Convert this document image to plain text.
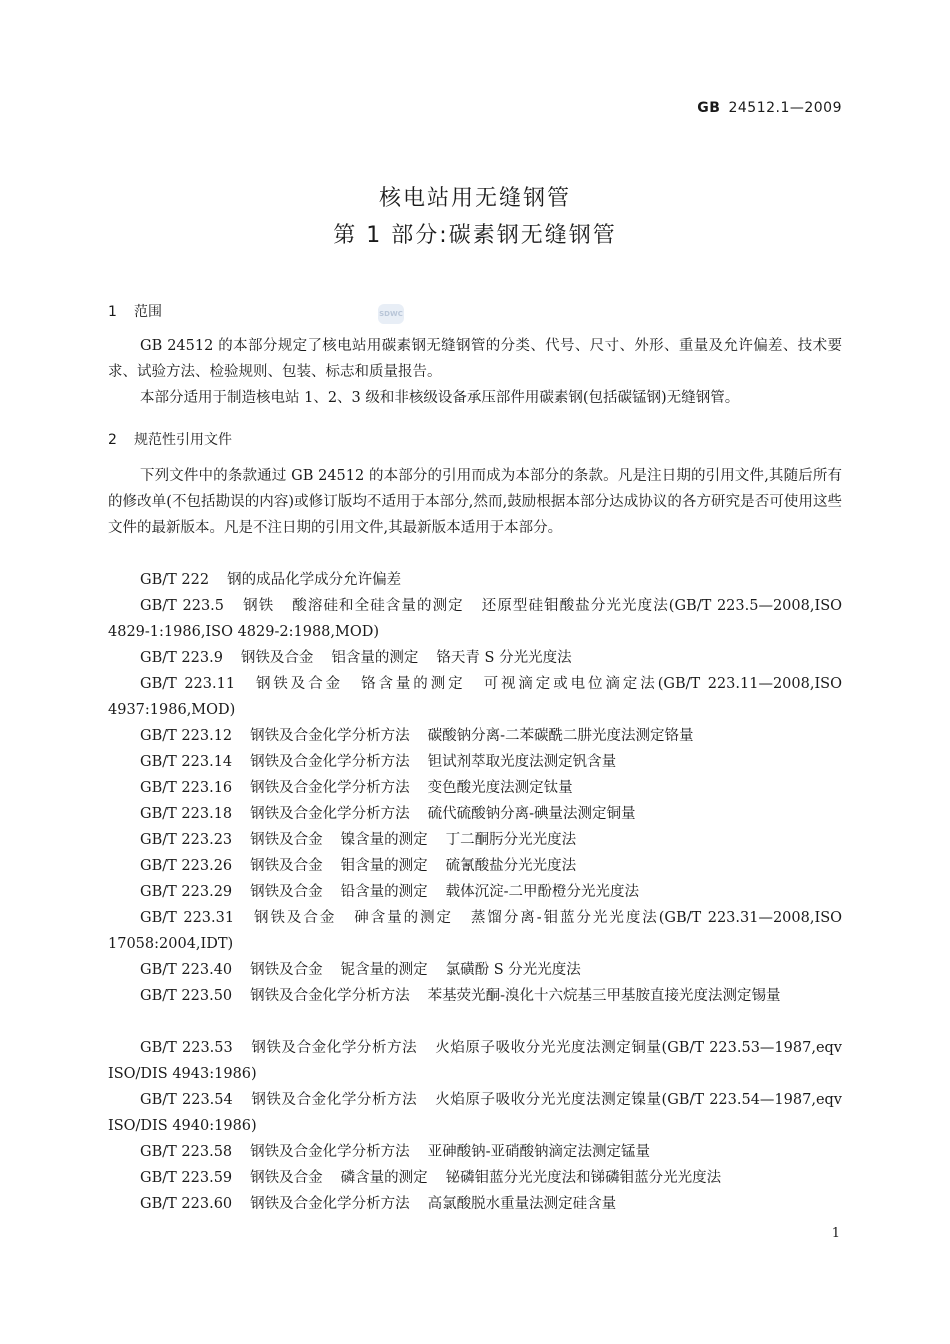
GB 24512.1—2009
核电站用无缝钢管
第 1 部分:碳素钢无缝钢管
SDWC
1 范围
GB 24512 的本部分规定了核电站用碳素钢无缝钢管的分类、代号、尺寸、外形、重量及允许偏差、技术要求、试验方法、检验规则、包装、标志和质量报告。
本部分适用于制造核电站 1、2、3 级和非核级设备承压部件用碳素钢(包括碳锰钢)无缝钢管。
2 规范性引用文件
下列文件中的条款通过 GB 24512 的本部分的引用而成为本部分的条款。凡是注日期的引用文件,其随后所有的修改单(不包括勘误的内容)或修订版均不适用于本部分,然而,鼓励根据本部分达成协议的各方研究是否可使用这些文件的最新版本。凡是不注日期的引用文件,其最新版本适用于本部分。
GB/T 222 钢的成品化学成分允许偏差
GB/T 223.5 钢铁 酸溶硅和全硅含量的测定 还原型硅钼酸盐分光光度法(GB/T 223.5—2008,ISO 4829-1:1986,ISO 4829-2:1988,MOD)
GB/T 223.9 钢铁及合金 铝含量的测定 铬天青 S 分光光度法
GB/T 223.11 钢铁及合金 铬含量的测定 可视滴定或电位滴定法(GB/T 223.11—2008,ISO 4937:1986,MOD)
GB/T 223.12 钢铁及合金化学分析方法 碳酸钠分离-二苯碳酰二肼光度法测定铬量
GB/T 223.14 钢铁及合金化学分析方法 钽试剂萃取光度法测定钒含量
GB/T 223.16 钢铁及合金化学分析方法 变色酸光度法测定钛量
GB/T 223.18 钢铁及合金化学分析方法 硫代硫酸钠分离-碘量法测定铜量
GB/T 223.23 钢铁及合金 镍含量的测定 丁二酮肟分光光度法
GB/T 223.26 钢铁及合金 钼含量的测定 硫氰酸盐分光光度法
GB/T 223.29 钢铁及合金 铅含量的测定 载体沉淀-二甲酚橙分光光度法
GB/T 223.31 钢铁及合金 砷含量的测定 蒸馏分离-钼蓝分光光度法(GB/T 223.31—2008,ISO 17058:2004,IDT)
GB/T 223.40 钢铁及合金 铌含量的测定 氯磺酚 S 分光光度法
GB/T 223.50 钢铁及合金化学分析方法 苯基荧光酮-溴化十六烷基三甲基胺直接光度法测定锡量
GB/T 223.53 钢铁及合金化学分析方法 火焰原子吸收分光光度法测定铜量(GB/T 223.53—1987,eqv ISO/DIS 4943:1986)
GB/T 223.54 钢铁及合金化学分析方法 火焰原子吸收分光光度法测定镍量(GB/T 223.54—1987,eqv ISO/DIS 4940:1986)
GB/T 223.58 钢铁及合金化学分析方法 亚砷酸钠-亚硝酸钠滴定法测定锰量
GB/T 223.59 钢铁及合金 磷含量的测定 铋磷钼蓝分光光度法和锑磷钼蓝分光光度法
GB/T 223.60 钢铁及合金化学分析方法 高氯酸脱水重量法测定硅含量
1
